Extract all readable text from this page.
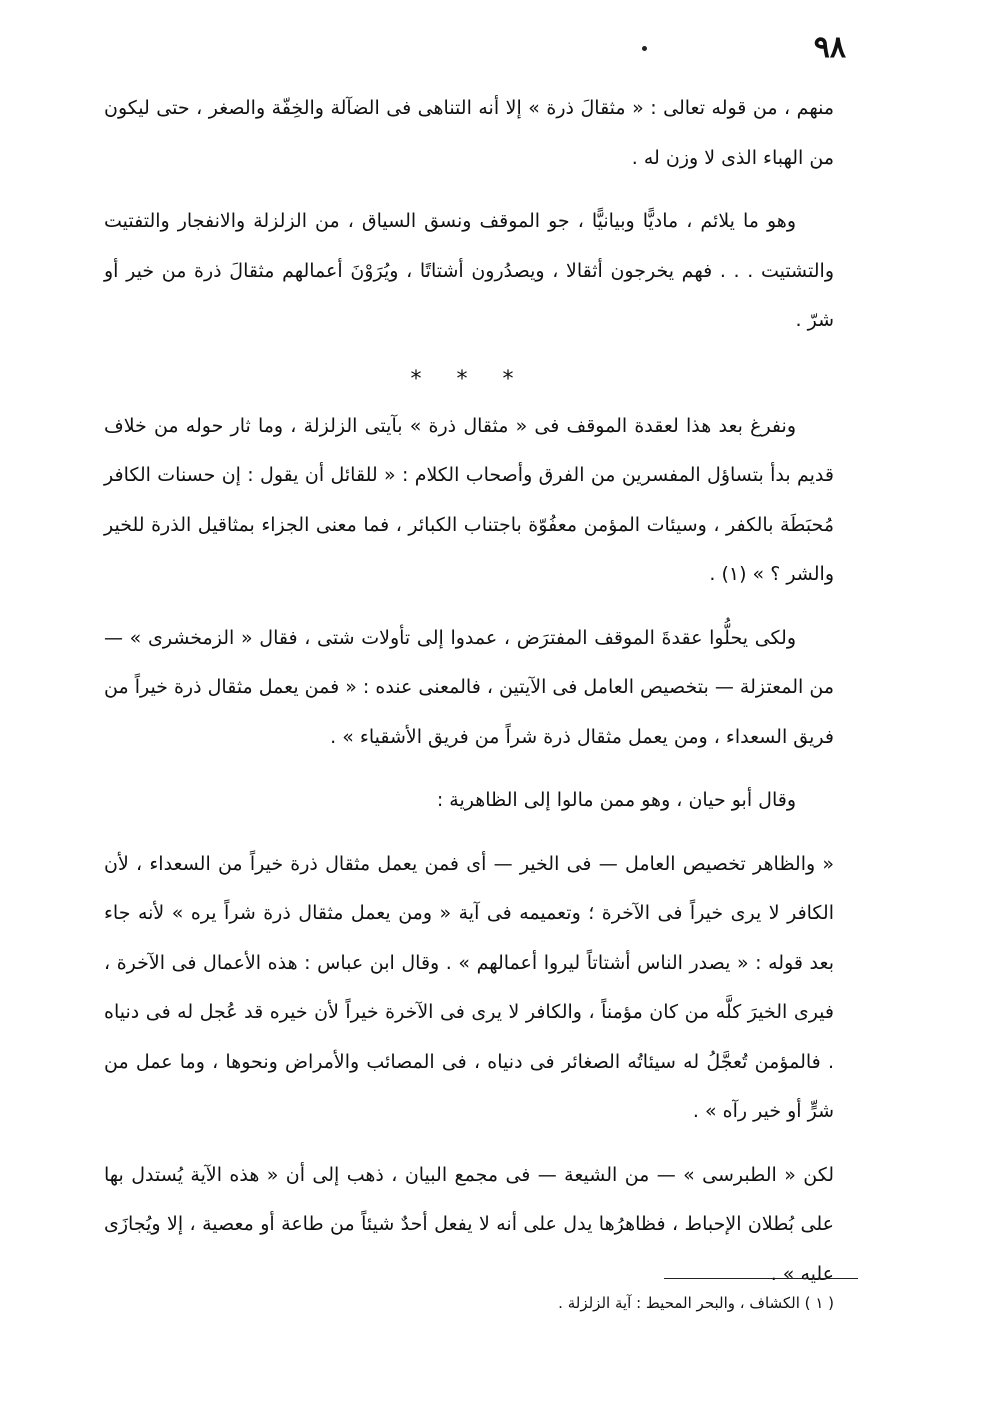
٩٨

منهم ، من قوله تعالى : « مثقالَ ذرة » إلا أنه التناهى فى الضآلة والخِفّة والصغر ، حتى ليكون من الهباء الذى لا وزن له .

وهو ما يلائم ، ماديًّا وبيانيًّا ، جو الموقف ونسق السياق ، من الزلزلة والانفجار والتفتيت والتشتيت . . . فهم يخرجون أثقالا ، ويصدُرون أشتاتًا ، ويُرَوْنَ أعمالهم مثقالَ ذرة من خير أو شرّ .

* * *

ونفرغ بعد هذا لعقدة الموقف فى « مثقال ذرة » بآيتى الزلزلة ، وما ثار حوله من خلاف قديم بدأ بتساؤل المفسرين من الفرق وأصحاب الكلام : « للقائل أن يقول : إن حسنات الكافر مُحبَطَة بالكفر ، وسيئات المؤمن معفُوّة باجتناب الكبائر ، فما معنى الجزاء بمثاقيل الذرة للخير والشر ؟ » (١) .

ولكى يحلُّوا عقدةَ الموقف المفترَض ، عمدوا إلى تأولات شتى ، فقال « الزمخشرى » — من المعتزلة — بتخصيص العامل فى الآيتين ، فالمعنى عنده : « فمن يعمل مثقال ذرة خيراً من فريق السعداء ، ومن يعمل مثقال ذرة شراً من فريق الأشقياء » .

وقال أبو حيان ، وهو ممن مالوا إلى الظاهرية :

« والظاهر تخصيص العامل — فى الخير — أى فمن يعمل مثقال ذرة خيراً من السعداء ، لأن الكافر لا يرى خيراً فى الآخرة ؛ وتعميمه فى آية « ومن يعمل مثقال ذرة شراً يره » لأنه جاء بعد قوله : « يصدر الناس أشتاتاً ليروا أعمالهم » . وقال ابن عباس : هذه الأعمال فى الآخرة ، فيرى الخيرَ كلَّه من كان مؤمناً ، والكافر لا يرى فى الآخرة خيراً لأن خيره قد عُجل له فى دنياه . فالمؤمن تُعجَّلُ له سيئاتُه الصغائر فى دنياه ، فى المصائب والأمراض ونحوها ، وما عمل من شرٍّ أو خير رآه » .

لكن « الطبرسى » — من الشيعة — فى مجمع البيان ، ذهب إلى أن « هذه الآية يُستدل بها على بُطلان الإحباط ، فظاهرُها يدل على أنه لا يفعل أحدٌ شيئاً من طاعة أو معصية ، إلا ويُجازَى عليه » .

( ١ ) الكشاف ، والبحر المحيط : آية الزلزلة .
